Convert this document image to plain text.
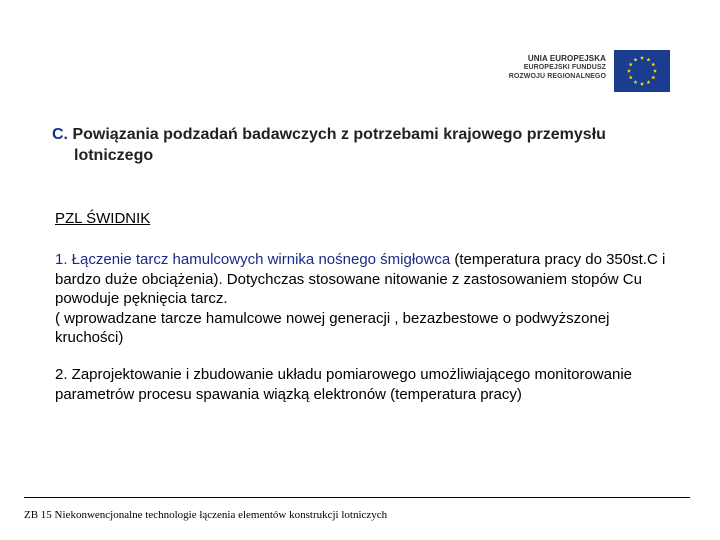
UNIA EUROPEJSKA
EUROPEJSKI FUNDUSZ
ROZWOJU REGIONALNEGO
C. Powiązania podzadań badawczych z potrzebami krajowego przemysłu
lotniczego
PZL ŚWIDNIK
1. Łączenie tarcz hamulcowych wirnika nośnego śmigłowca (temperatura pracy do 350st.C i bardzo duże obciążenia). Dotychczas stosowane nitowanie z zastosowaniem stopów Cu powoduje pęknięcia tarcz.
( wprowadzane tarcze hamulcowe nowej generacji , bezazbestowe o podwyższonej kruchości)
2. Zaprojektowanie i zbudowanie układu pomiarowego umożliwiającego monitorowanie parametrów procesu spawania wiązką elektronów (temperatura pracy)
ZB 15 Niekonwencjonalne technologie łączenia elementów konstrukcji lotniczych
